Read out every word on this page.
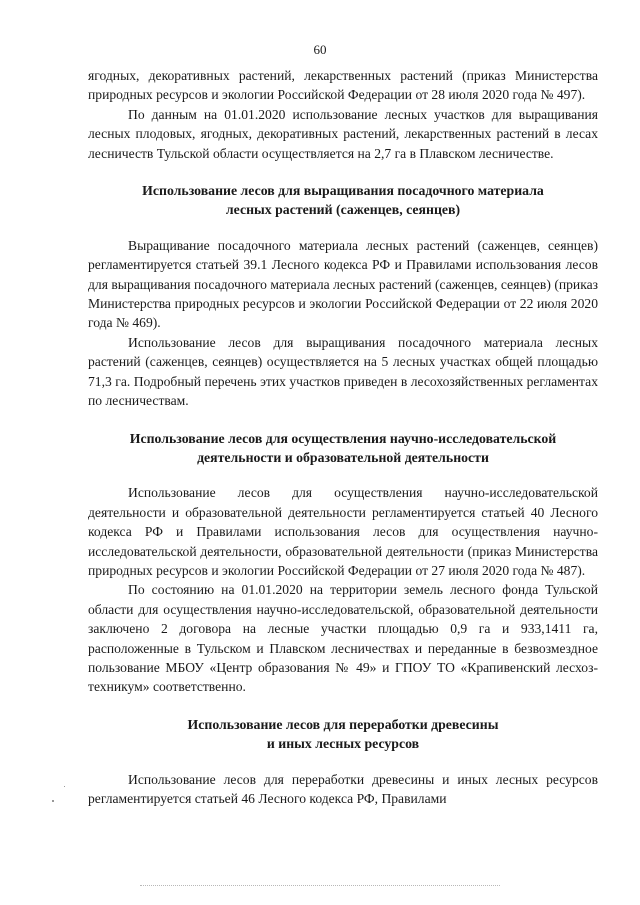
60

ягодных, декоративных растений, лекарственных растений (приказ Министерства природных ресурсов и экологии Российской Федерации от 28 июля 2020 года № 497).

По данным на 01.01.2020 использование лесных участков для выращивания лесных плодовых, ягодных, декоративных растений, лекарственных растений в лесах лесничеств Тульской области осуществляется на 2,7 га в Плавском лесничестве.

Использование лесов для выращивания посадочного материала
лесных растений (саженцев, сеянцев)

Выращивание посадочного материала лесных растений (саженцев, сеянцев) регламентируется статьей 39.1 Лесного кодекса РФ и Правилами использования лесов для выращивания посадочного материала лесных растений (саженцев, сеянцев) (приказ Министерства природных ресурсов и экологии Российской Федерации от 22 июля 2020 года № 469).

Использование лесов для выращивания посадочного материала лесных растений (саженцев, сеянцев) осуществляется на 5 лесных участках общей площадью 71,3 га. Подробный перечень этих участков приведен в лесохозяйственных регламентах по лесничествам.

Использование лесов для осуществления научно-исследовательской
деятельности и образовательной деятельности

Использование лесов для осуществления научно-исследовательской деятельности и образовательной деятельности регламентируется статьей 40 Лесного кодекса РФ и Правилами использования лесов для осуществления научно-исследовательской деятельности, образовательной деятельности (приказ Министерства природных ресурсов и экологии Российской Федерации от 27 июля 2020 года № 487).

По состоянию на 01.01.2020 на территории земель лесного фонда Тульской области для осуществления научно-исследовательской, образовательной деятельности заключено 2 договора на лесные участки площадью 0,9 га и 933,1411 га, расположенные в Тульском и Плавском лесничествах и переданные в безвозмездное пользование МБОУ «Центр образования № 49» и ГПОУ ТО «Крапивенский лесхоз-техникум» соответственно.

Использование лесов для переработки древесины
и иных лесных ресурсов

Использование лесов для переработки древесины и иных лесных ресурсов регламентируется статьей 46 Лесного кодекса РФ, Правилами
